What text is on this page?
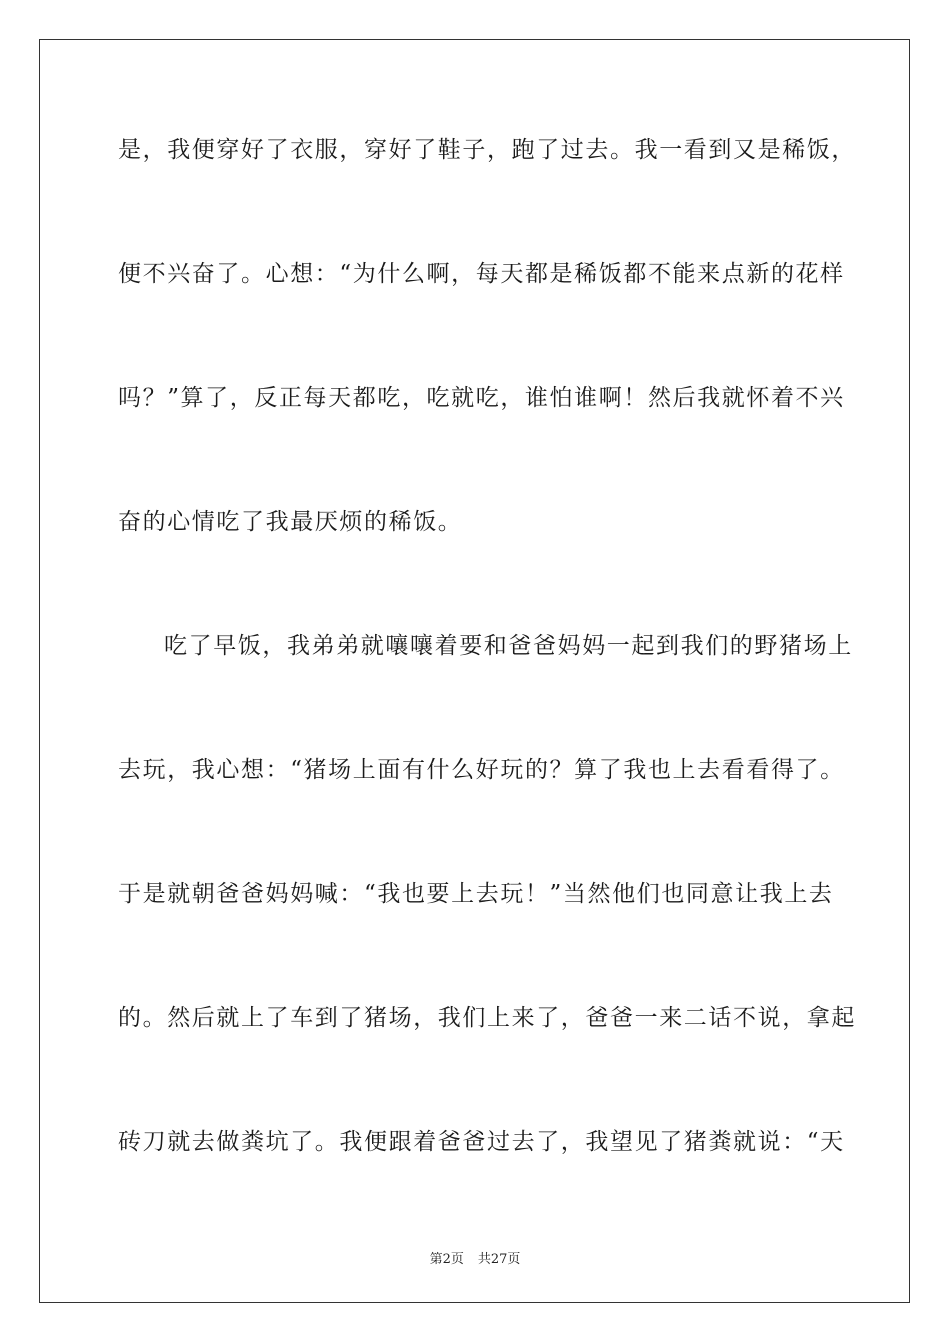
是，我便穿好了衣服，穿好了鞋子，跑了过去。我一看到又是稀饭，

便不兴奋了。心想：“为什么啊，每天都是稀饭都不能来点新的花样

吗？”算了，反正每天都吃，吃就吃，谁怕谁啊！然后我就怀着不兴

奋的心情吃了我最厌烦的稀饭。

吃了早饭，我弟弟就嚷嚷着要和爸爸妈妈一起到我们的野猪场上

去玩，我心想：“猪场上面有什么好玩的？算了我也上去看看得了。

于是就朝爸爸妈妈喊：“我也要上去玩！”当然他们也同意让我上去

的。然后就上了车到了猪场，我们上来了，爸爸一来二话不说，拿起

砖刀就去做粪坑了。我便跟着爸爸过去了，我望见了猪粪就说：“天

第2页 共27页
